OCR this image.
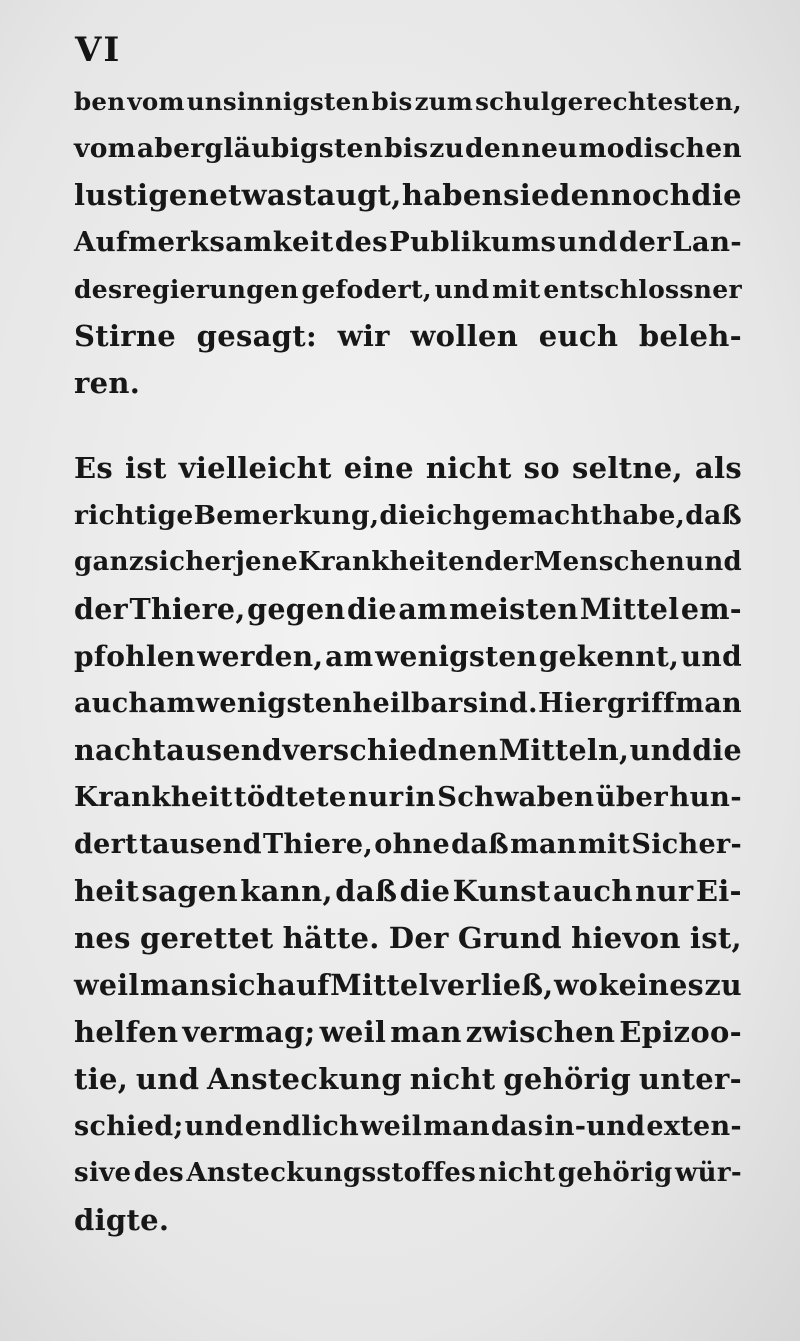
VI
ben vom unsinnigsten bis zum schulgerechtesten,
vom abergläubigsten bis zu den neu modischen
lustigen etwas taugt, haben sie dennoch die
Aufmerksamkeit des Publikums und der Lan-
desregierungen gefodert, und mit entschlossner
Stirne gesagt: wir wollen euch beleh-
ren.
Es ist vielleicht eine nicht so seltne, als
richtige Bemerkung, die ich gemacht habe, daß
ganz sicher jene Krankheiten der Menschen und
der Thiere, gegen die am meisten Mittel em-
pfohlen werden, am wenigsten gekennt, und
auch am wenigsten heilbar sind. Hier griff man
nach tausend verschiednen Mitteln, und die
Krankheit tödtete nur in Schwaben über hun-
dert tausend Thiere, ohne daß man mit Sicher-
heit sagen kann, daß die Kunst auch nur Ei-
nes gerettet hätte. Der Grund hievon ist,
weil man sich auf Mittel verließ, wo keines zu
helfen vermag; weil man zwischen Epizoo-
tie, und Ansteckung nicht gehörig unter-
schied; und endlich weil man das in-und exten-
sive des Ansteckungsstoffes nicht gehörig wür-
digte.
